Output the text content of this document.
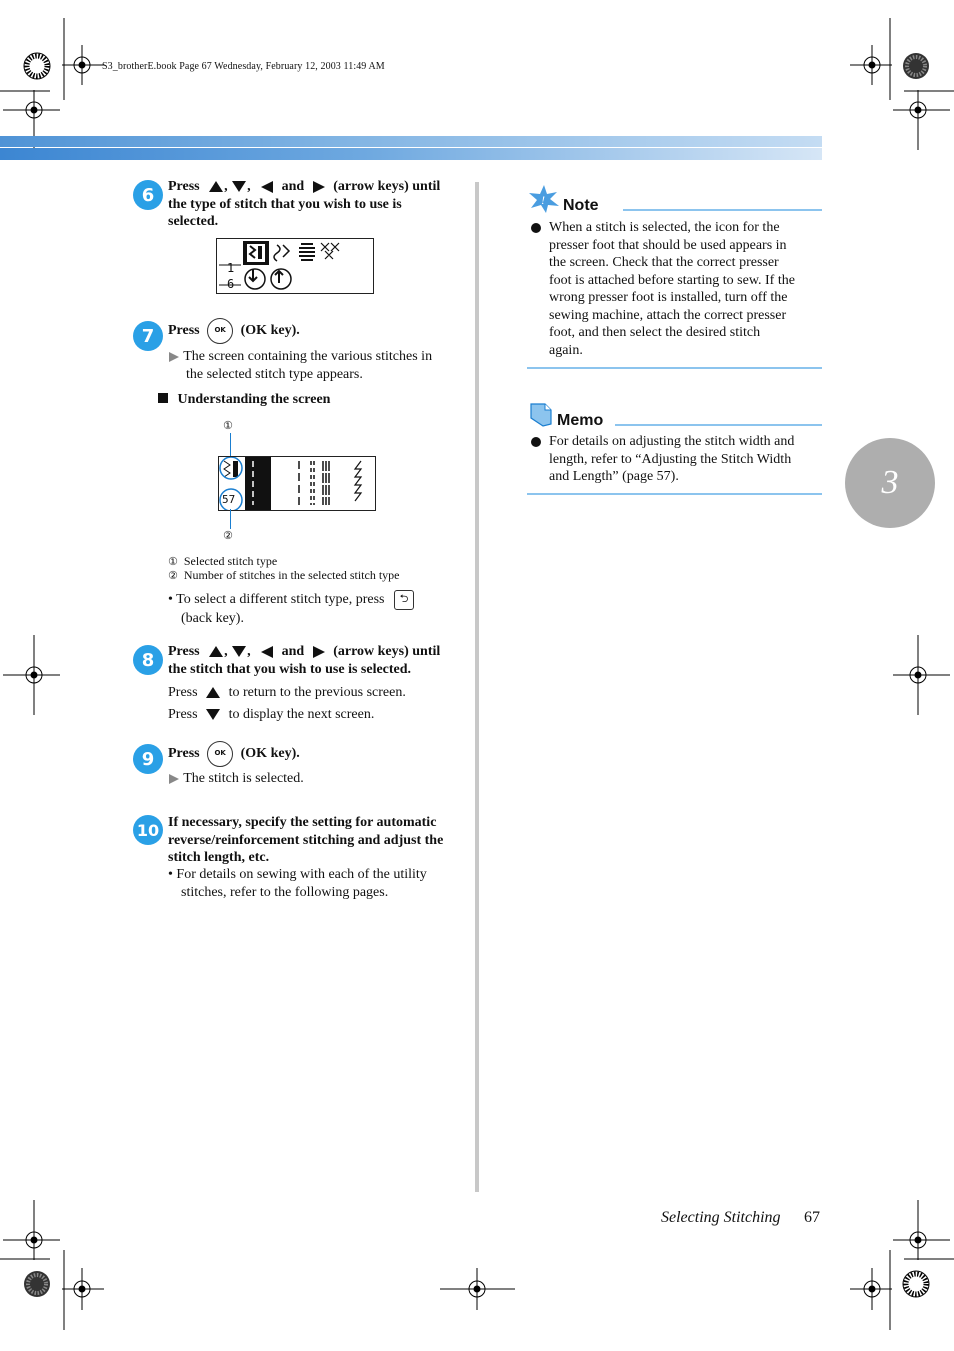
S3_brotherE.book Page 67 Wednesday, February 12, 2003 11:49 AM
6 Press , , and (arrow keys) until
the type of stitch that you wish to use is
selected.
1
6
7 Press OK (OK key).
The screen containing the various stitches in
the selected stitch type appears.
Understanding the screen
①
57
②
① Selected stitch type
② Number of stitches in the selected stitch type
• To select a different stitch type, press ⮌
(back key).
8 Press , , and (arrow keys) until
the stitch that you wish to use is selected.
Press to return to the previous screen.
Press to display the next screen.
9 Press OK (OK key).
The stitch is selected.
10 If necessary, specify the setting for automatic
reverse/reinforcement stitching and adjust the
stitch length, etc.
• For details on sewing with each of the utility
stitches, refer to the following pages.
! Note
When a stitch is selected, the icon for the
presser foot that should be used appears in
the screen. Check that the correct presser
foot is attached before starting to sew. If the
wrong presser foot is installed, turn off the
sewing machine, attach the correct presser
foot, and then select the desired stitch
again.
Memo
For details on adjusting the stitch width and
length, refer to “Adjusting the Stitch Width
and Length” (page 57).	3
Selecting Stitching 67
